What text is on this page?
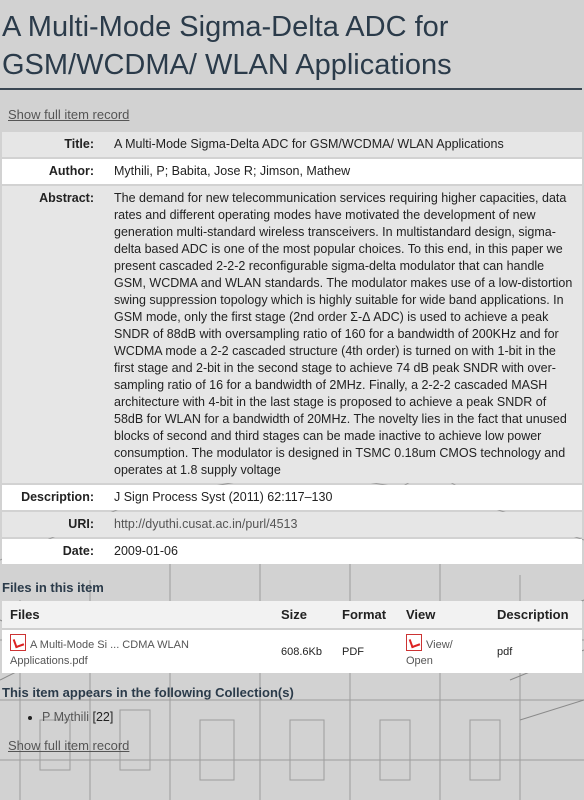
A Multi-Mode Sigma-Delta ADC for GSM/WCDMA/ WLAN Applications
Show full item record
Title:	A Multi-Mode Sigma-Delta ADC for GSM/WCDMA/ WLAN Applications
Author:	Mythili, P; Babita, Jose R; Jimson, Mathew
Abstract:	The demand for new telecommunication services requiring higher capacities, data rates and different operating modes have motivated the development of new generation multi-standard wireless transceivers. In multistandard design, sigma-delta based ADC is one of the most popular choices. To this end, in this paper we present cascaded 2-2-2 reconfigurable sigma-delta modulator that can handle GSM, WCDMA and WLAN standards. The modulator makes use of a low-distortion swing suppression topology which is highly suitable for wide band applications. In GSM mode, only the first stage (2nd order Σ-Δ ADC) is used to achieve a peak SNDR of 88dB with oversampling ratio of 160 for a bandwidth of 200KHz and for WCDMA mode a 2-2 cascaded structure (4th order) is turned on with 1-bit in the first stage and 2-bit in the second stage to achieve 74 dB peak SNDR with over-sampling ratio of 16 for a bandwidth of 2MHz. Finally, a 2-2-2 cascaded MASH architecture with 4-bit in the last stage is proposed to achieve a peak SNDR of 58dB for WLAN for a bandwidth of 20MHz. The novelty lies in the fact that unused blocks of second and third stages can be made inactive to achieve low power consumption. The modulator is designed in TSMC 0.18um CMOS technology and operates at 1.8 supply voltage
Description:	J Sign Process Syst (2011) 62:117–130
URI:	http://dyuthi.cusat.ac.in/purl/4513
Date:	2009-01-06
Files in this item
Files	Size	Format	View	Description
A Multi-Mode Si ... CDMA WLAN Applications.pdf	608.6Kb	PDF	View/ Open	pdf
This item appears in the following Collection(s)
• P Mythili [22]
Show full item record
